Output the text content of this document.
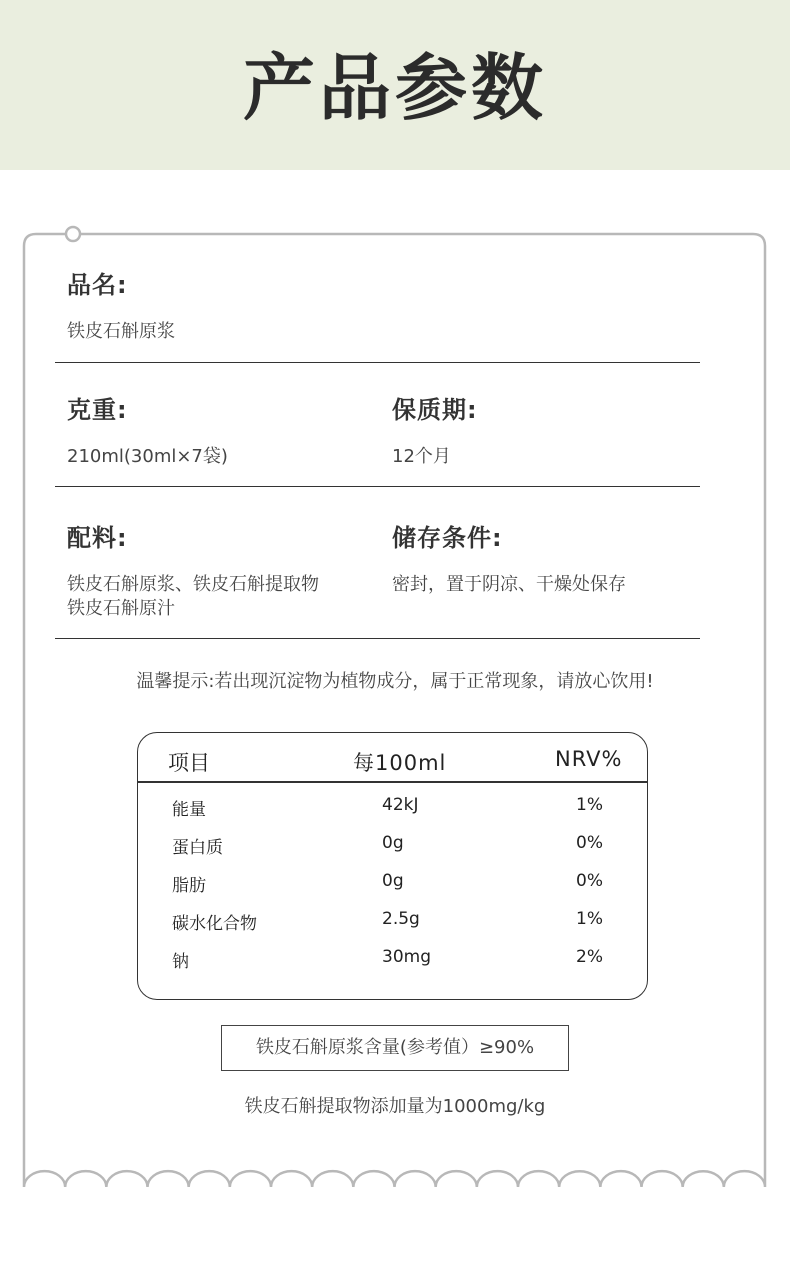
产品参数
品名:
铁皮石斛原浆
克重:
210ml(30ml×7袋)
保质期:
12个月
配料:
铁皮石斛原浆、铁皮石斛提取物
铁皮石斛原汁
储存条件:
密封，置于阴凉、干燥处保存
温馨提示:若出现沉淀物为植物成分，属于正常现象，请放心饮用!
项目	每100ml	NRV%
能量	42kJ	1%
蛋白质	0g	0%
脂肪	0g	0%
碳水化合物	2.5g	1%
钠	30mg	2%
铁皮石斛原浆含量(参考值）≥90%
铁皮石斛提取物添加量为1000mg/kg
